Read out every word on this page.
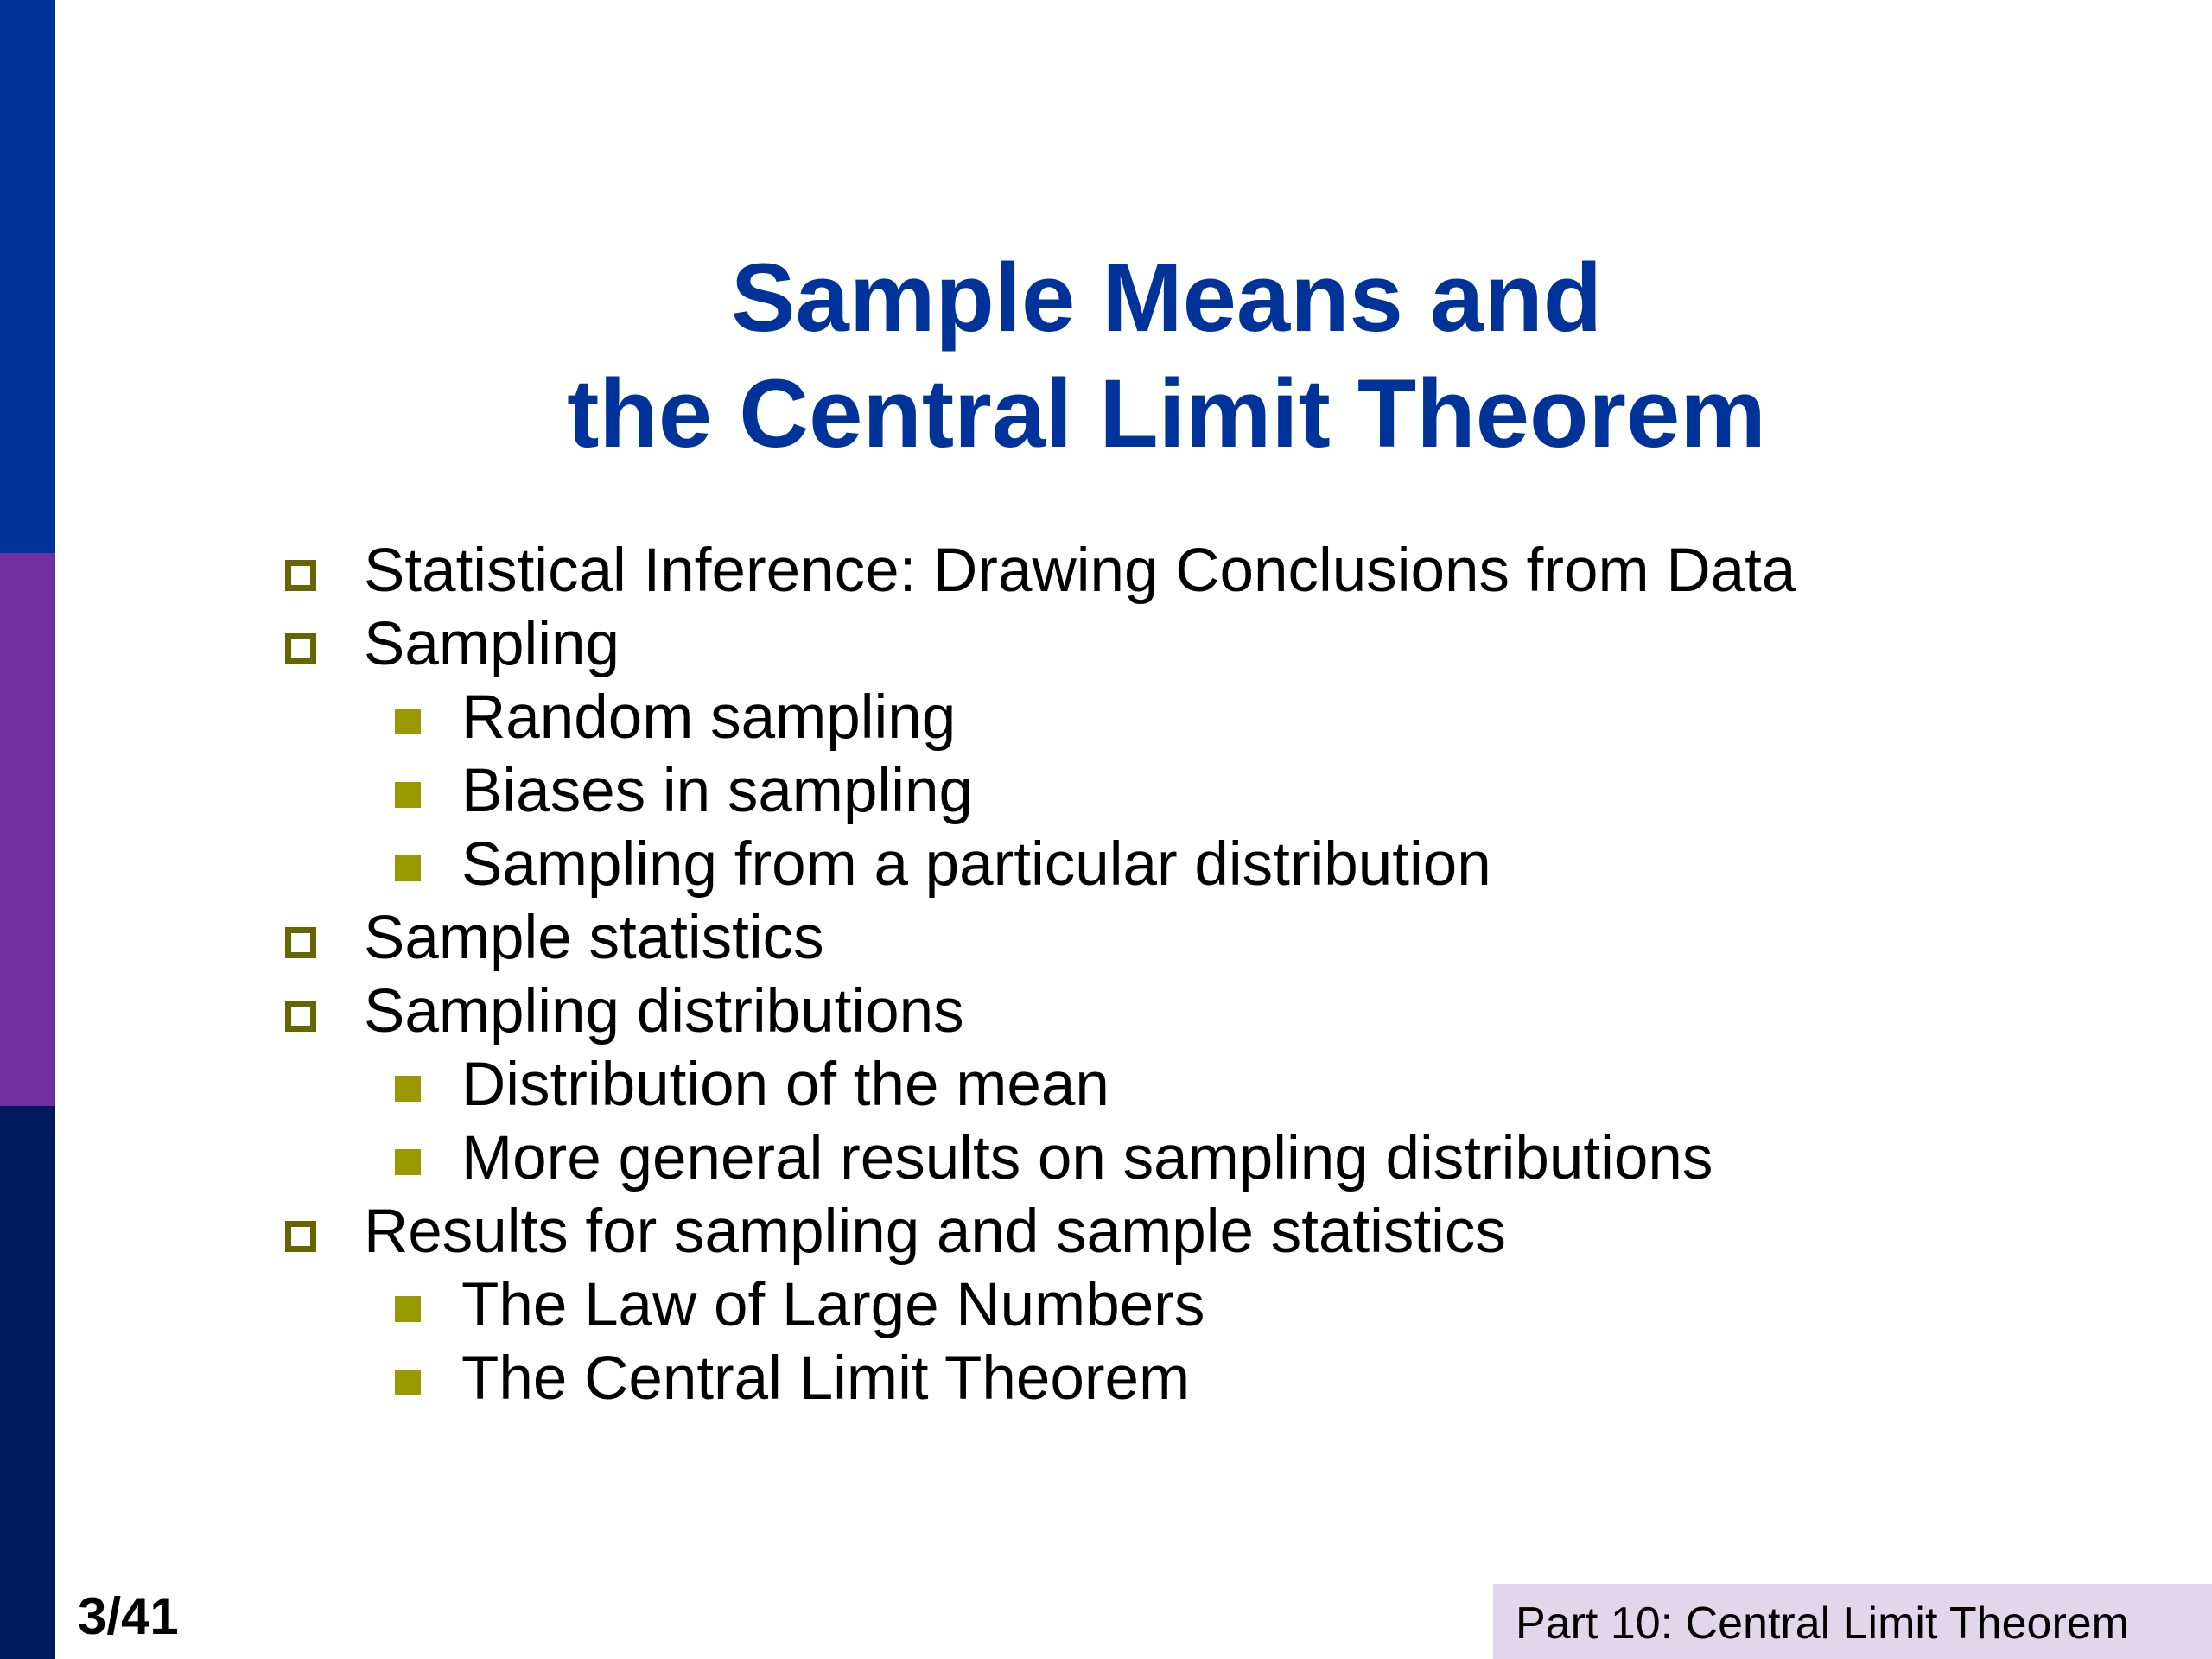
Sample Means and
the Central Limit Theorem
Statistical Inference: Drawing Conclusions from Data
Sampling
Random sampling
Biases in sampling
Sampling from a particular distribution
Sample statistics
Sampling distributions
Distribution of the mean
More general results on sampling distributions
Results for sampling and sample statistics
The Law of Large Numbers
The Central Limit Theorem
3/41	Part 10: Central Limit Theorem
